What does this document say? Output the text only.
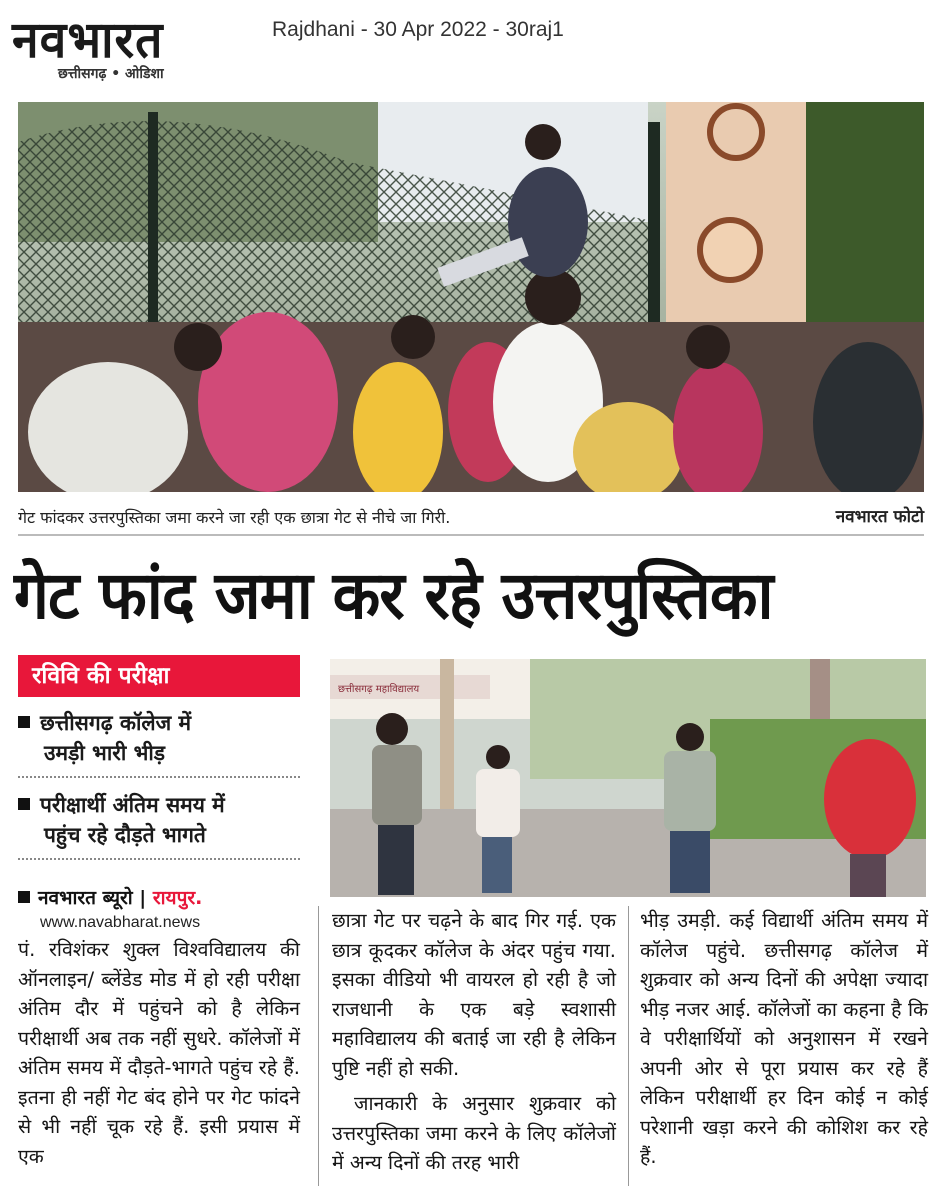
नवभारत
छत्तीसगढ़ • ओडिशा
Rajdhani - 30 Apr 2022 - 30raj1
गेट फांदकर उत्तरपुस्तिका जमा करने जा रही एक छात्रा गेट से नीचे जा गिरी.	नवभारत फोटो
गेट फांद जमा कर रहे उत्तरपुस्तिका
रविवि की परीक्षा
छत्तीसगढ़ कॉलेज में
उमड़ी भारी भीड़
परीक्षार्थी अंतिम समय में
पहुंच रहे दौड़ते भागते
नवभारत ब्यूरो | रायपुर.
www.navabharat.news
छत्तीसगढ़ महाविद्यालय

पं. रविशंकर शुक्ल विश्वविद्यालय की ऑनलाइन/ ब्लेंडेड मोड में हो रही परीक्षा अंतिम दौर में पहुंचने को है लेकिन परीक्षार्थी अब तक नहीं सुधरे. कॉलेजों में अंतिम समय में दौड़ते-भागते पहुंच रहे हैं. इतना ही नहीं गेट बंद होने पर गेट फांदने से भी नहीं चूक रहे हैं. इसी प्रयास में एक

छात्रा गेट पर चढ़ने के बाद गिर गई. एक छात्र कूदकर कॉलेज के अंदर पहुंच गया. इसका वीडियो भी वायरल हो रही है जो राजधानी के एक बड़े स्वशासी महाविद्यालय की बताई जा रही है लेकिन पुष्टि नहीं हो सकी.

जानकारी के अनुसार शुक्रवार को उत्तरपुस्तिका जमा करने के लिए कॉलेजों में अन्य दिनों की तरह भारी

भीड़ उमड़ी. कई विद्यार्थी अंतिम समय में कॉलेज पहुंचे. छत्तीसगढ़ कॉलेज में शुक्रवार को अन्य दिनों की अपेक्षा ज्यादा भीड़ नजर आई. कॉलेजों का कहना है कि वे परीक्षार्थियों को अनुशासन में रखने अपनी ओर से पूरा प्रयास कर रहे हैं लेकिन परीक्षार्थी हर दिन कोई न कोई परेशानी खड़ा करने की कोशिश कर रहे हैं.
